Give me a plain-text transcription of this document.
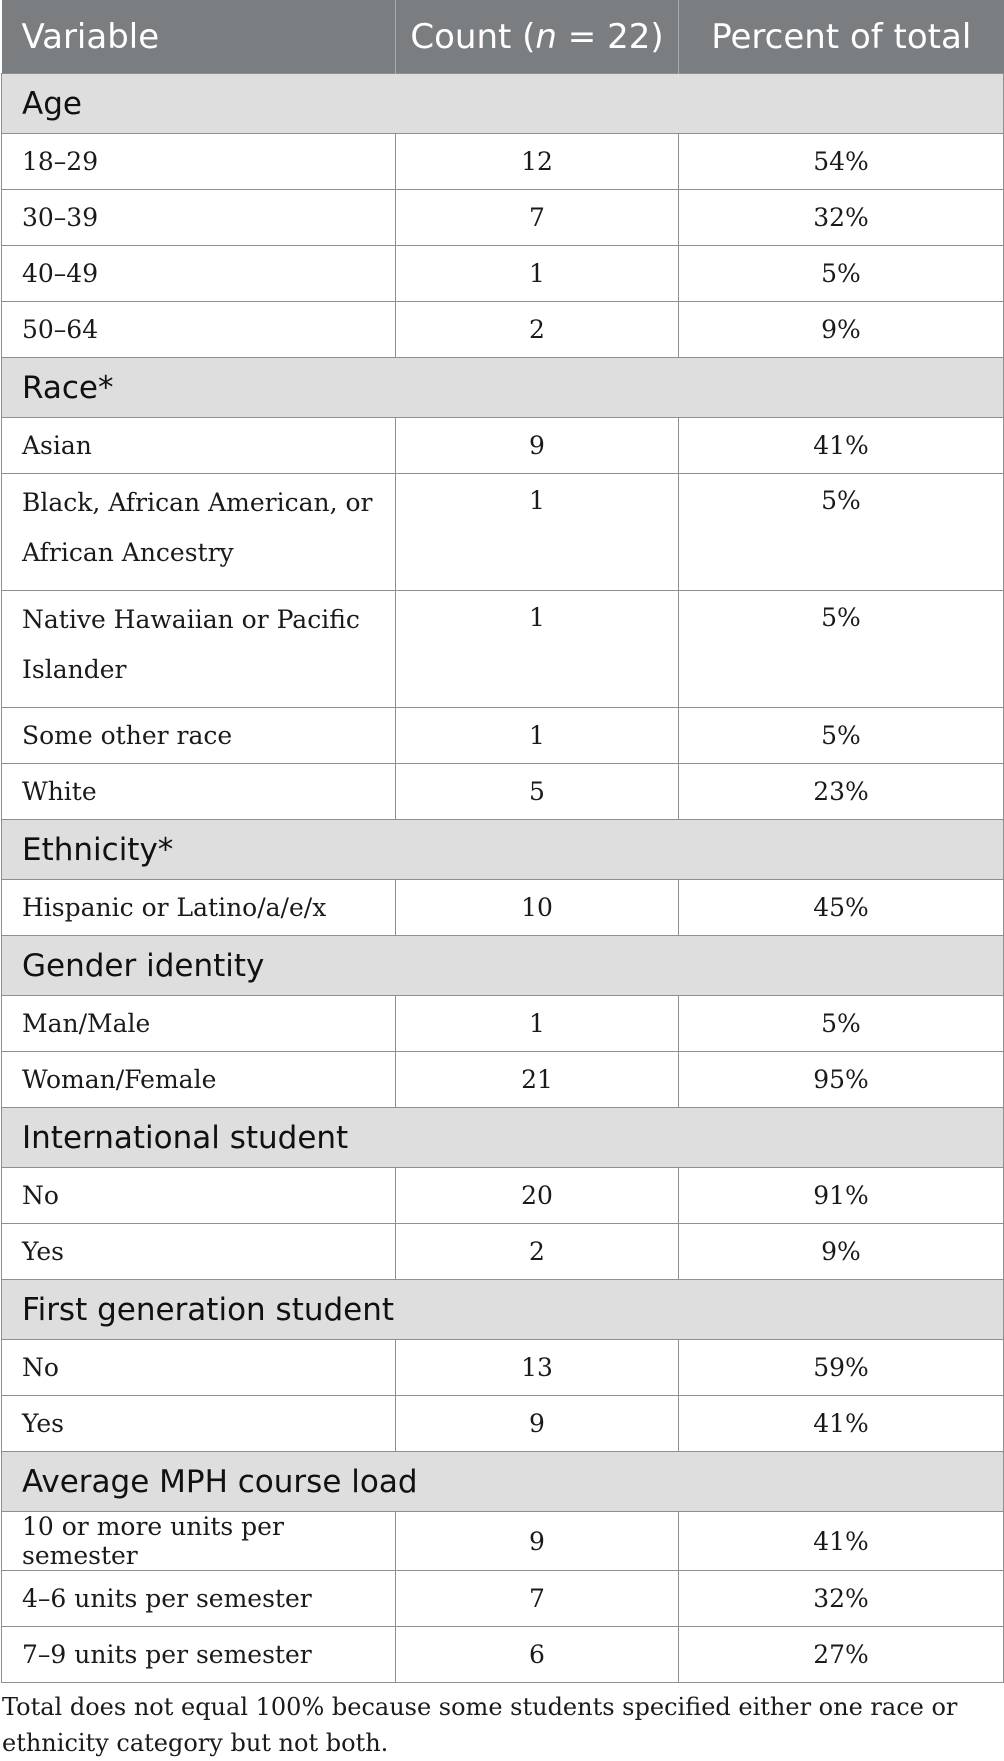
Variable	Count (n = 22)	Percent of total
Age		
18–29	12	54%
30–39	7	32%
40–49	1	5%
50–64	2	9%
Race*		
Asian	9	41%
Black, African American, or African Ancestry	1	5%
Native Hawaiian or Pacific Islander	1	5%
Some other race	1	5%
White	5	23%
Ethnicity*		
Hispanic or Latino/a/e/x	10	45%
Gender identity		
Man/Male	1	5%
Woman/Female	21	95%
International student		
No	20	91%
Yes	2	9%
First generation student		
No	13	59%
Yes	9	41%
Average MPH course load		
10 or more units per semester	9	41%
4–6 units per semester	7	32%
7–9 units per semester	6	27%
Total does not equal 100% because some students specified either one race or ethnicity category but not both.
